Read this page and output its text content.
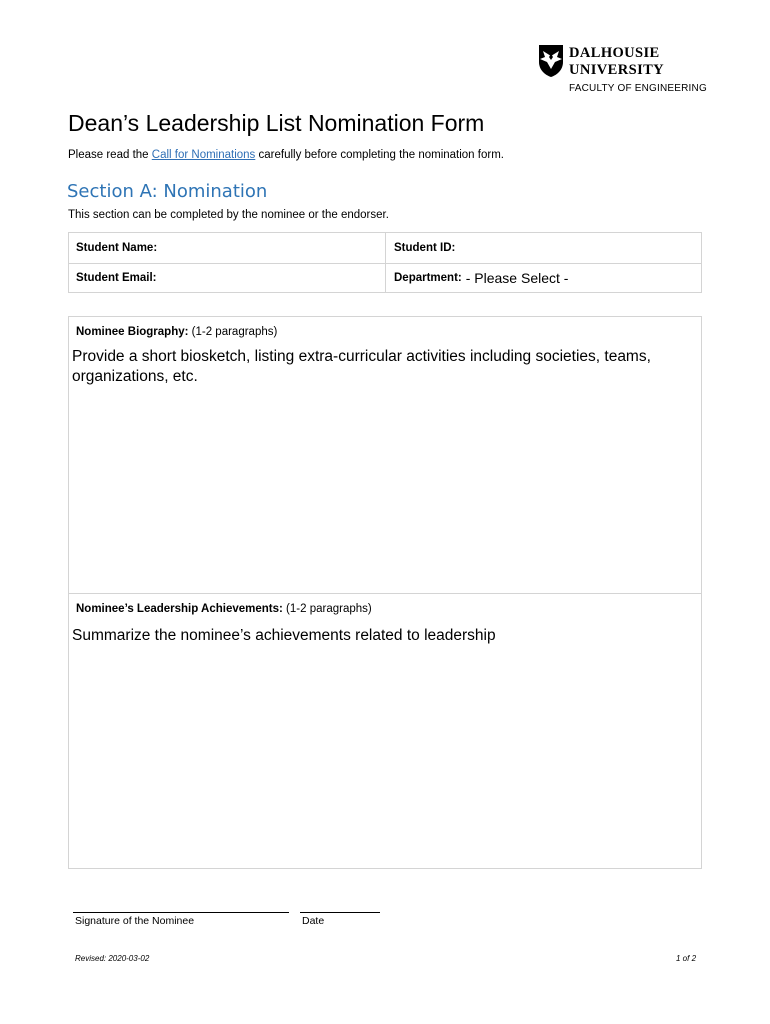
DALHOUSIE
UNIVERSITY
FACULTY OF ENGINEERING
Dean’s Leadership List Nomination Form
Please read the Call for Nominations carefully before completing the nomination form.
Section A: Nomination
This section can be completed by the nominee or the endorser.
Student Name:	Student ID:
Student Email:	Department: - Please Select -
Nominee Biography: (1-2 paragraphs)
Provide a short biosketch, listing extra-curricular activities including societies, teams, organizations, etc.
Nominee’s Leadership Achievements: (1-2 paragraphs)
Summarize the nominee’s achievements related to leadership
Signature of the Nominee	Date
Revised: 2020-03-02	1 of 2
